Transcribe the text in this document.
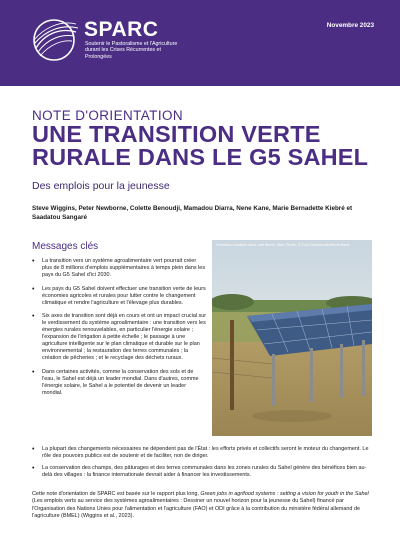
SPARC
Soutenir le Pastoralisme et l'Agriculture durant les Crises Récurrentes et Prolongées
Novembre 2023
NOTE D'ORIENTATION
UNE TRANSITION VERTE RURALE DANS LE G5 SAHEL
Des emplois pour la jeunesse
Steve Wiggins, Peter Newborne, Colette Benoudji, Mamadou Diarra, Nene Kane, Marie Bernadette Kiebré et Saadatou Sangaré
Messages clés
• La transition vers un système agroalimentaire vert pourrait créer plus de 8 millions d'emplois supplémentaires à temps plein dans les pays du G5 Sahel d'ici 2030.
• Les pays du G5 Sahel doivent effectuer une transition verte de leurs économies agricoles et rurales pour lutter contre le changement climatique et rendre l'agriculture et l'élevage plus durables.
• Six axes de transition sont déjà en cours et ont un impact crucial sur le verdissement du système agroalimentaire : une transition vers les énergies rurales renouvelables, en particulier l'énergie solaire ; l'expansion de l'irrigation à petite échelle ; le passage à une agriculture intelligente sur le plan climatique et durable sur le plan environnemental ; la restauration des terres communales ; la création de pêcheries ; et le recyclage des déchets ruraux.
• Dans certaines activités, comme la conservation des sols et de l'eau, le Sahel est déjà un leader mondial. Dans d'autres, comme l'énergie solaire, le Sahel a le potentiel de devenir un leader mondial.
Panneaux solaires dans une ferme, Mali. Photo: © Curt Carnemark/World Bank
• La plupart des changements nécessaires ne dépendent pas de l'État : les efforts privés et collectifs seront le moteur du changement. Le rôle des pouvoirs publics est de soutenir et de faciliter, non de diriger.
• La conservation des champs, des pâturages et des terres communales dans les zones rurales du Sahel génère des bénéfices bien au-delà des villages : la finance internationale devrait aider à financer les investissements.

Cette note d'orientation de SPARC est basée sur le rapport plus long, Green jobs in agrifood systems : setting a vision for youth in the Sahel (Les emplois verts au service des systèmes agroalimentaires : Dessiner un nouvel horizon pour la jeunesse du Sahel) financé par l'Organisation des Nations Unies pour l'alimentation et l'agriculture (FAO) et ODI grâce à la contribution du ministère fédéral allemand de l'agriculture (BMEL) (Wiggins et al., 2023).
